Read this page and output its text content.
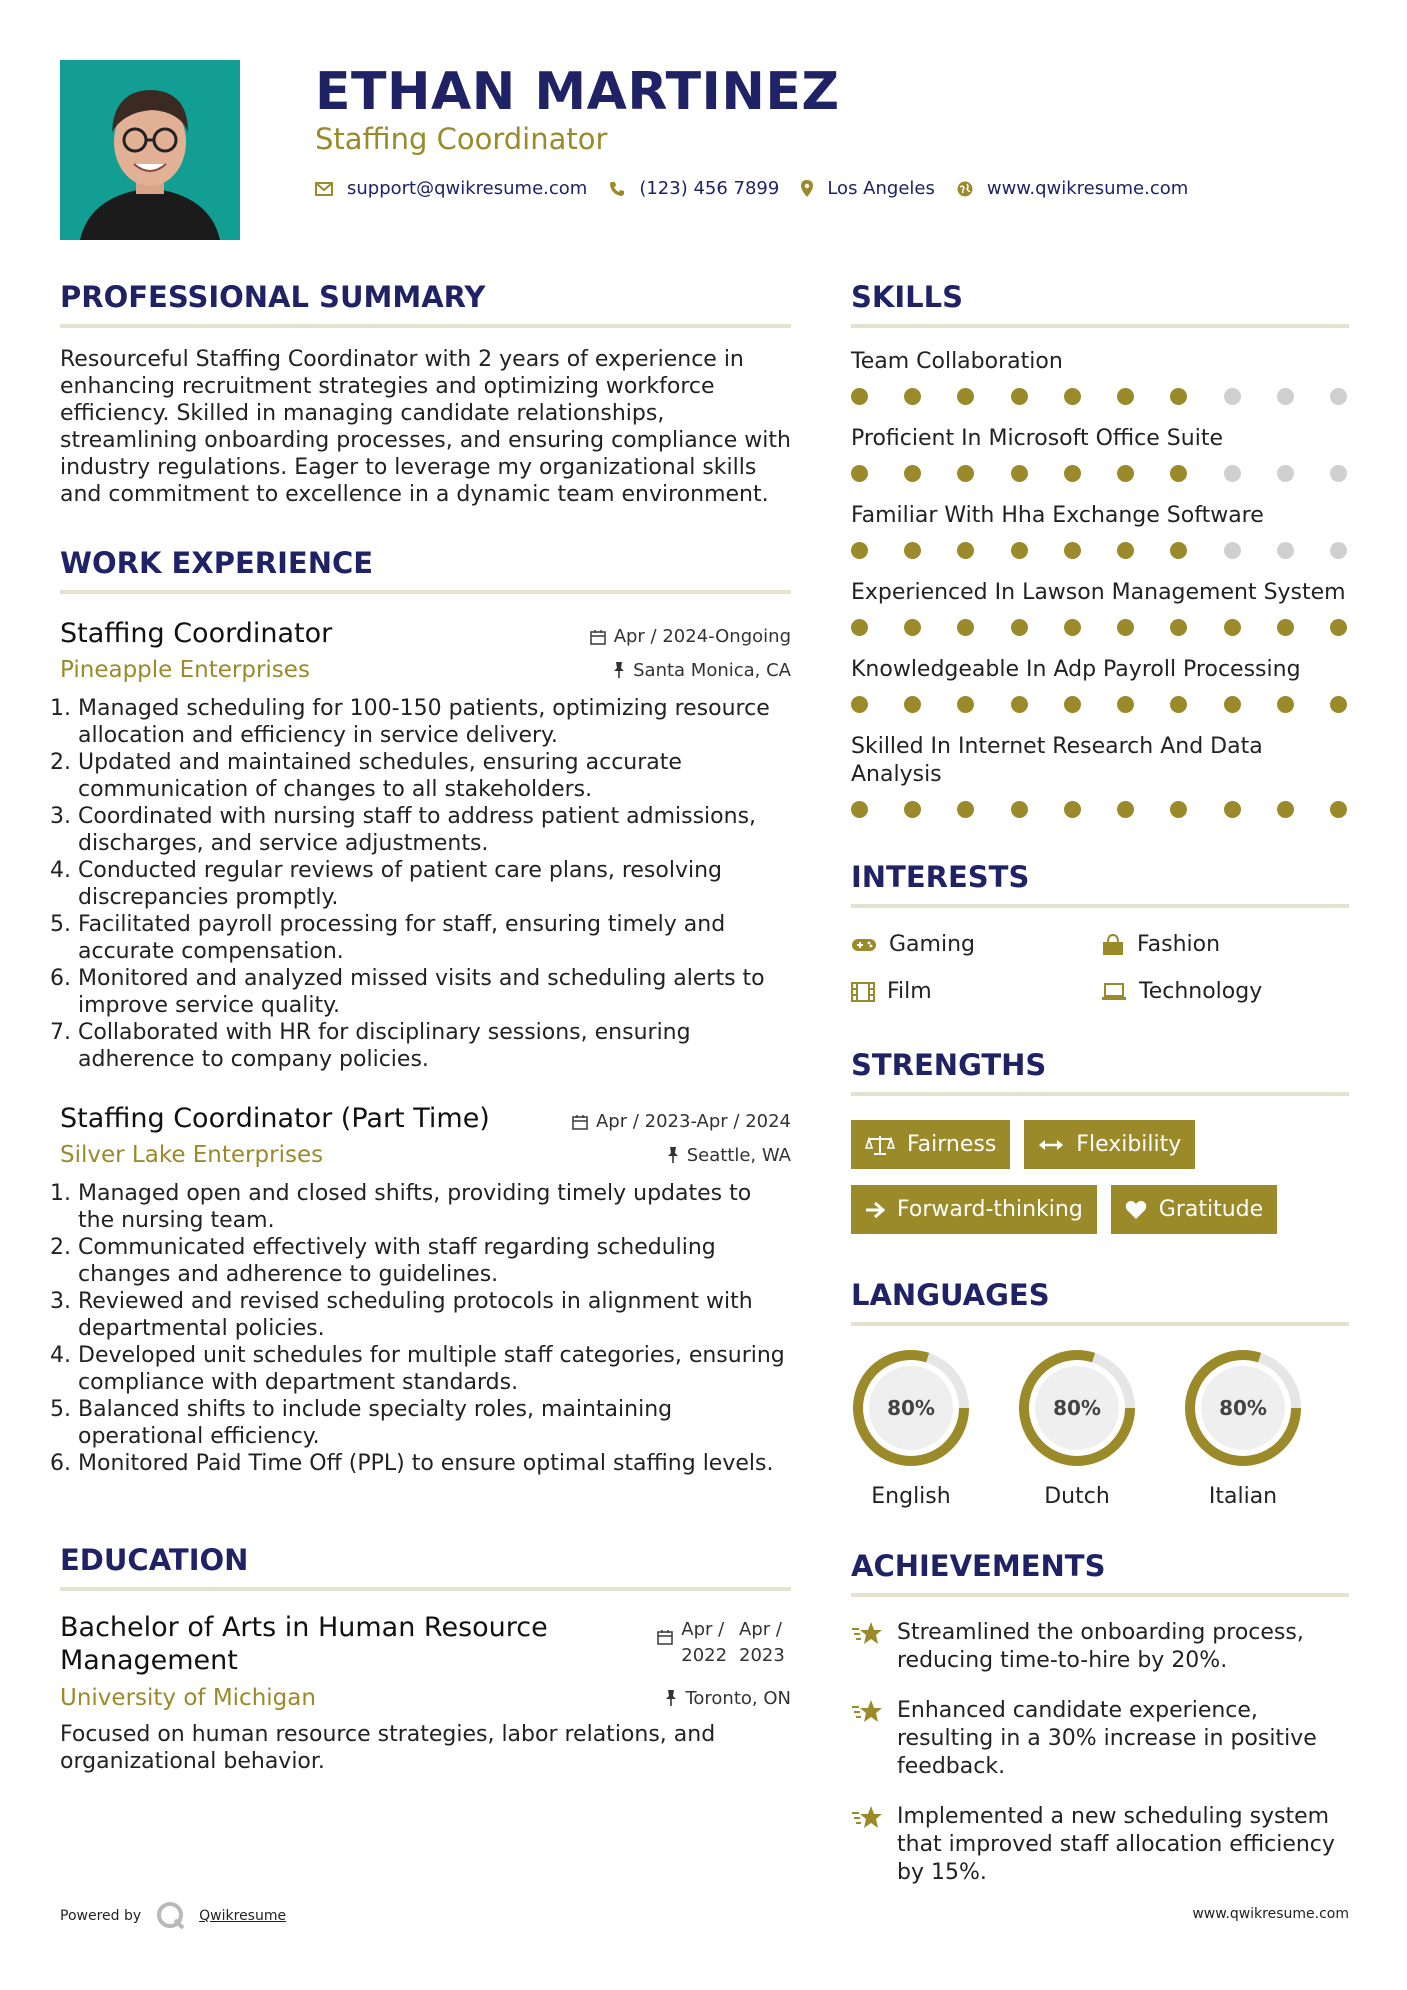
ETHAN MARTINEZ
Staffing Coordinator
support@qwikresume.com	(123) 456 7899	Los Angeles	www.qwikresume.com
PROFESSIONAL SUMMARY

Resourceful Staffing Coordinator with 2 years of experience in enhancing recruitment strategies and optimizing workforce efficiency. Skilled in managing candidate relationships, streamlining onboarding processes, and ensuring compliance with industry regulations. Eager to leverage my organizational skills and commitment to excellence in a dynamic team environment.

WORK EXPERIENCE
Staffing Coordinator	Apr / 2024-Ongoing
Pineapple Enterprises	Santa Monica, CA
1. Managed scheduling for 100-150 patients, optimizing resource allocation and efficiency in service delivery.
2. Updated and maintained schedules, ensuring accurate communication of changes to all stakeholders.
3. Coordinated with nursing staff to address patient admissions, discharges, and service adjustments.
4. Conducted regular reviews of patient care plans, resolving discrepancies promptly.
5. Facilitated payroll processing for staff, ensuring timely and accurate compensation.
6. Monitored and analyzed missed visits and scheduling alerts to improve service quality.
7. Collaborated with HR for disciplinary sessions, ensuring adherence to company policies.
Staffing Coordinator (Part Time)	Apr / 2023-Apr / 2024
Silver Lake Enterprises	Seattle, WA
1. Managed open and closed shifts, providing timely updates to the nursing team.
2. Communicated effectively with staff regarding scheduling changes and adherence to guidelines.
3. Reviewed and revised scheduling protocols in alignment with departmental policies.
4. Developed unit schedules for multiple staff categories, ensuring compliance with department standards.
5. Balanced shifts to include specialty roles, maintaining operational efficiency.
6. Monitored Paid Time Off (PPL) to ensure optimal staffing levels.
EDUCATION
Bachelor of Arts in Human Resource Management
Apr / 2022

Apr / 2023
University of Michigan	Toronto, ON

Focused on human resource strategies, labor relations, and organizational behavior.

SKILLS
Team Collaboration
Proficient In Microsoft Office Suite
Familiar With Hha Exchange Software
Experienced In Lawson Management System
Knowledgeable In Adp Payroll Processing
Skilled In Internet Research And Data Analysis
INTERESTS
Gaming	Fashion
Film	Technology
STRENGTHS
Fairness	Flexibility
Forward-thinking	Gratitude
LANGUAGES
80%
English
80%
Dutch
80%
Italian
ACHIEVEMENTS
Streamlined the onboarding process, reducing time-to-hire by 20%.
Enhanced candidate experience, resulting in a 30% increase in positive feedback.
Implemented a new scheduling system that improved staff allocation efficiency by 15%.
Powered by	Qwikresume	www.qwikresume.com
